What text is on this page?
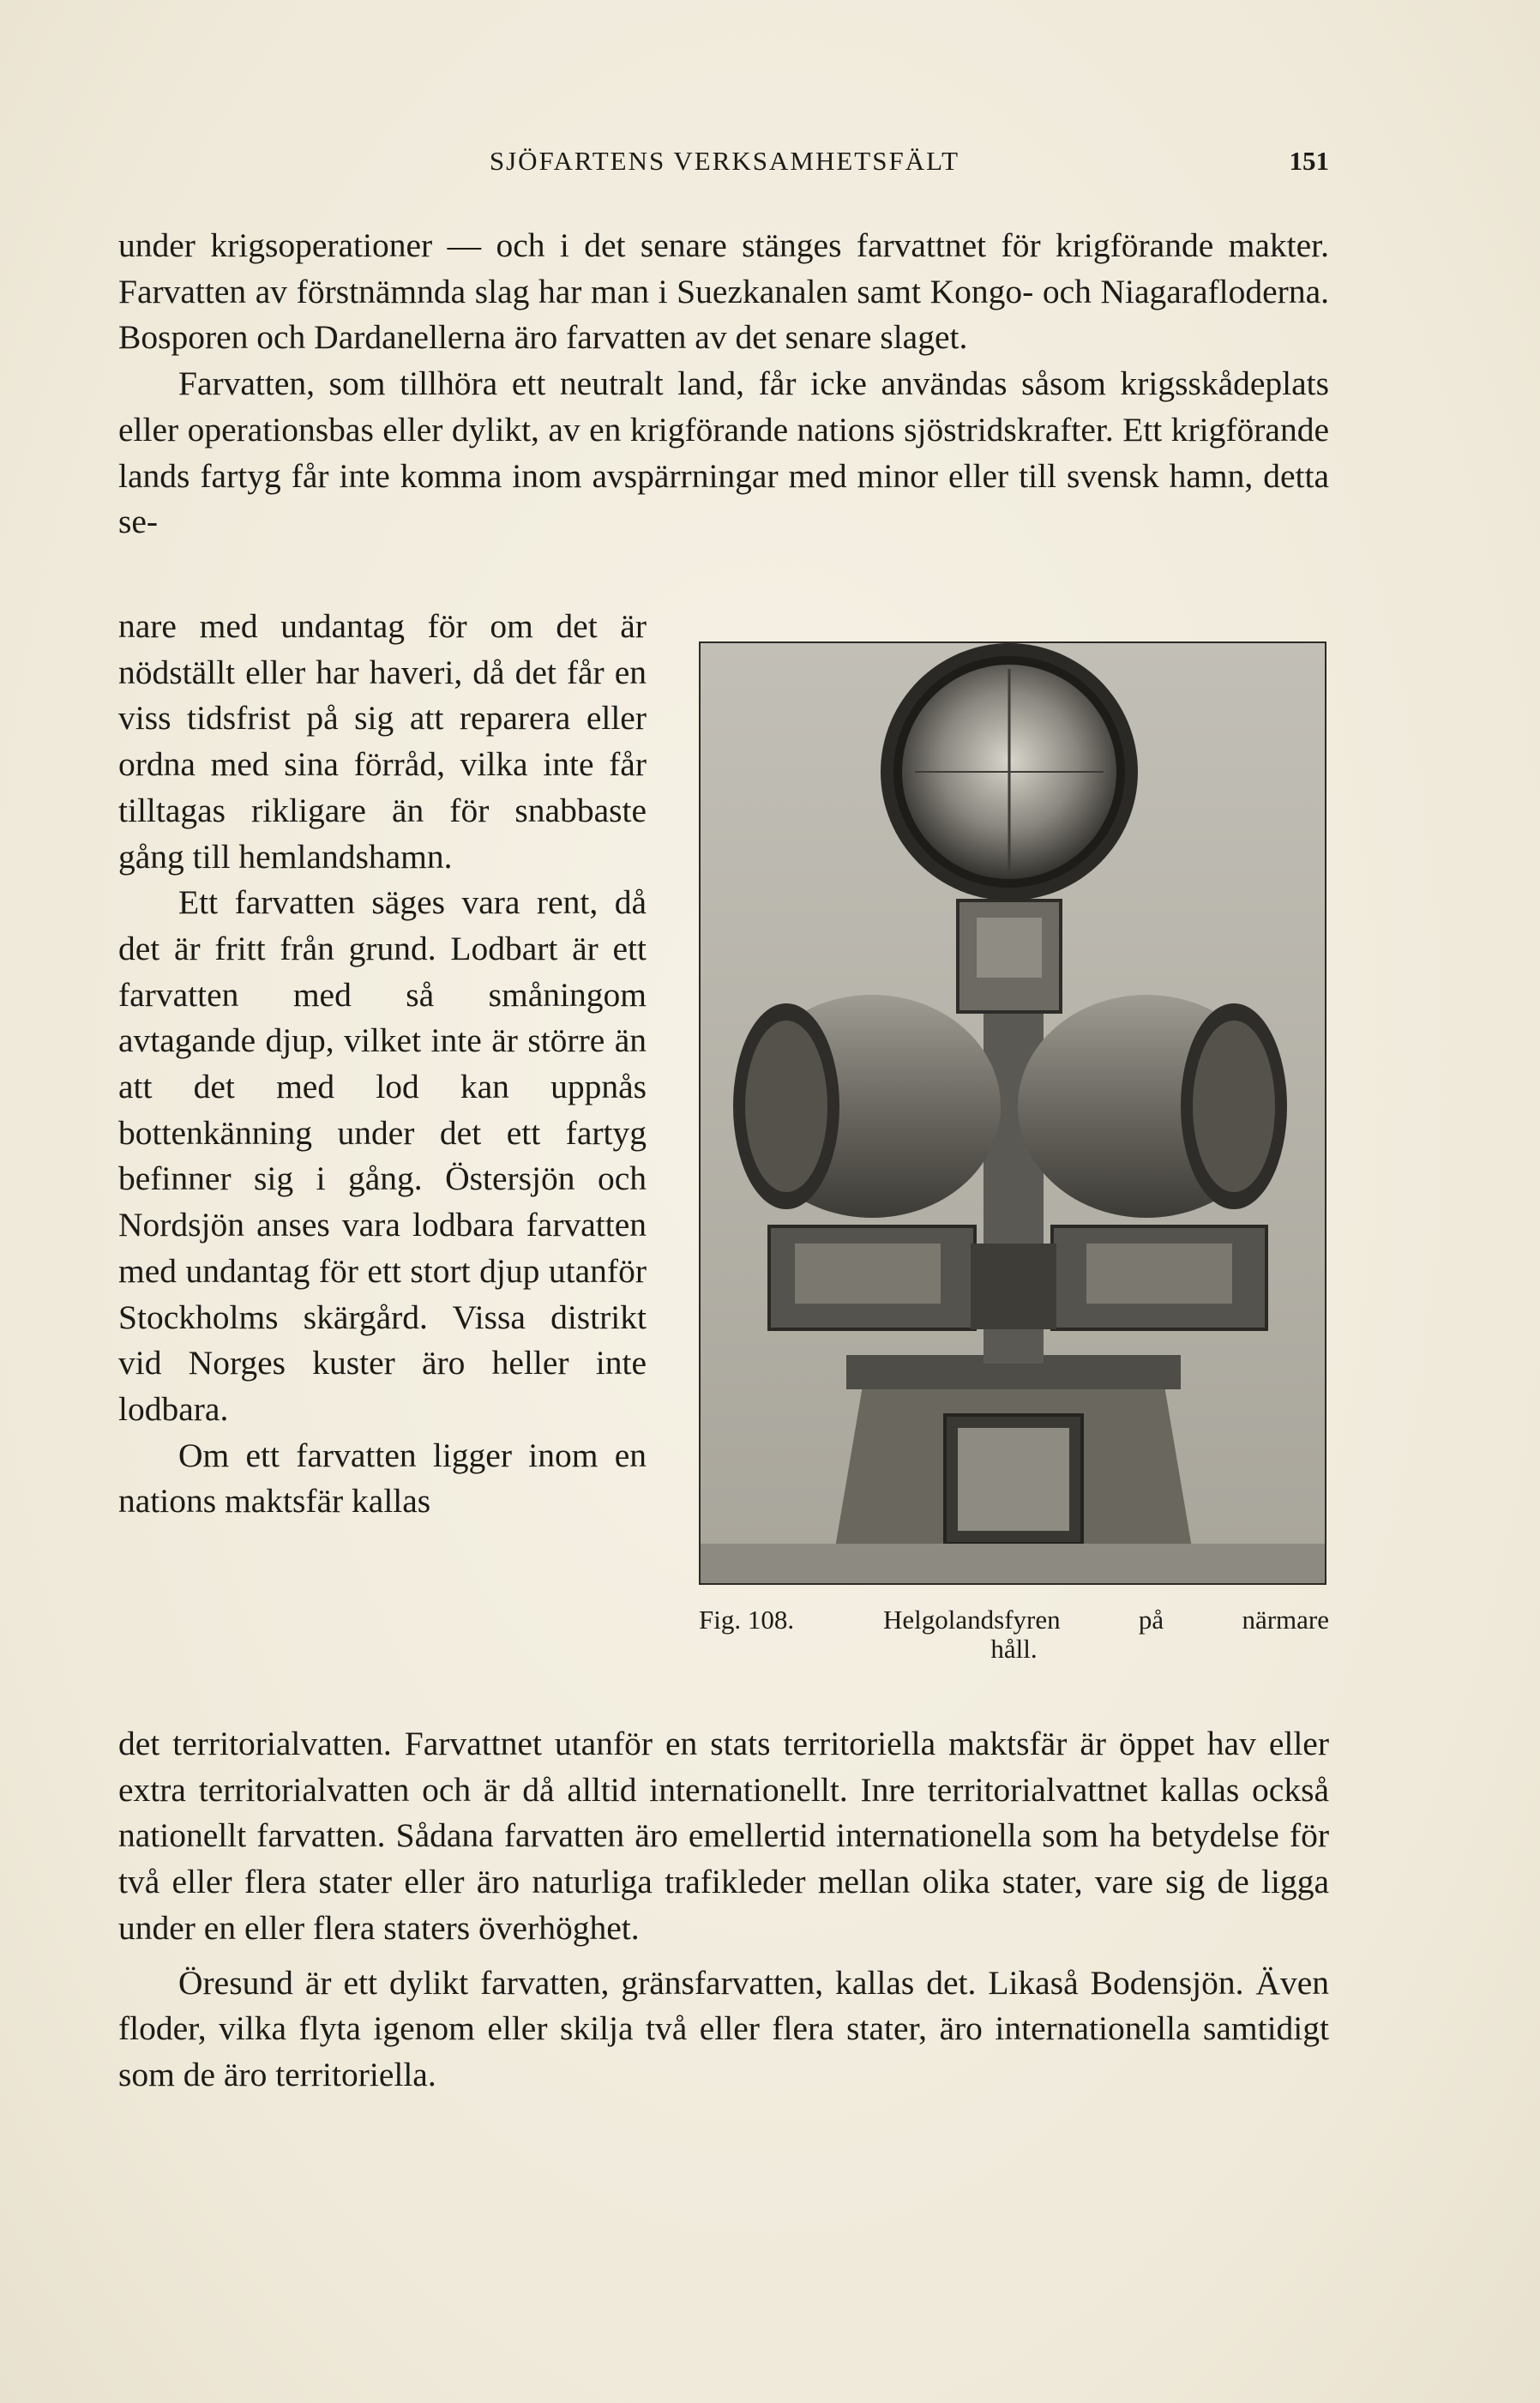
SJÖFARTENS VERKSAMHETSFÄLT	151

under krigsoperationer — och i det senare stänges farvattnet för krigförande makter. Farvatten av förstnämnda slag har man i Suezkanalen samt Kongo- och Niagarafloderna. Bosporen och Dardanellerna äro farvatten av det senare slaget.

Farvatten, som tillhöra ett neutralt land, får icke användas såsom krigsskådeplats eller operationsbas eller dylikt, av en krigförande nations sjöstridskrafter. Ett krigförande lands fartyg får inte komma inom avspärrningar med minor eller till svensk hamn, detta se-

nare med undantag för om det är nödställt eller har haveri, då det får en viss tidsfrist på sig att reparera eller ordna med sina förråd, vilka inte får tilltagas rikligare än för snabbaste gång till hemlandshamn.

Ett farvatten säges vara rent, då det är fritt från grund. Lodbart är ett farvatten med så småningom avtagande djup, vilket inte är större än att det med lod kan uppnås bottenkänning under det ett fartyg befinner sig i gång. Östersjön och Nordsjön anses vara lodbara farvatten med undantag för ett stort djup utanför Stockholms skärgård. Vissa distrikt vid Norges kuster äro heller inte lodbara.

Om ett farvatten ligger inom en nations maktsfär kallas

Fig. 108.	Helgolandsfyren på närmare
håll.

det territorialvatten. Farvattnet utanför en stats territoriella maktsfär är öppet hav eller extra territorialvatten och är då alltid internationellt. Inre territorialvattnet kallas också nationellt farvatten. Sådana farvatten äro emellertid internationella som ha betydelse för två eller flera stater eller äro naturliga trafikleder mellan olika stater, vare sig de ligga under en eller flera staters överhöghet.

Öresund är ett dylikt farvatten, gränsfarvatten, kallas det. Likaså Bodensjön. Även floder, vilka flyta igenom eller skilja två eller flera stater, äro internationella samtidigt som de äro territoriella.
